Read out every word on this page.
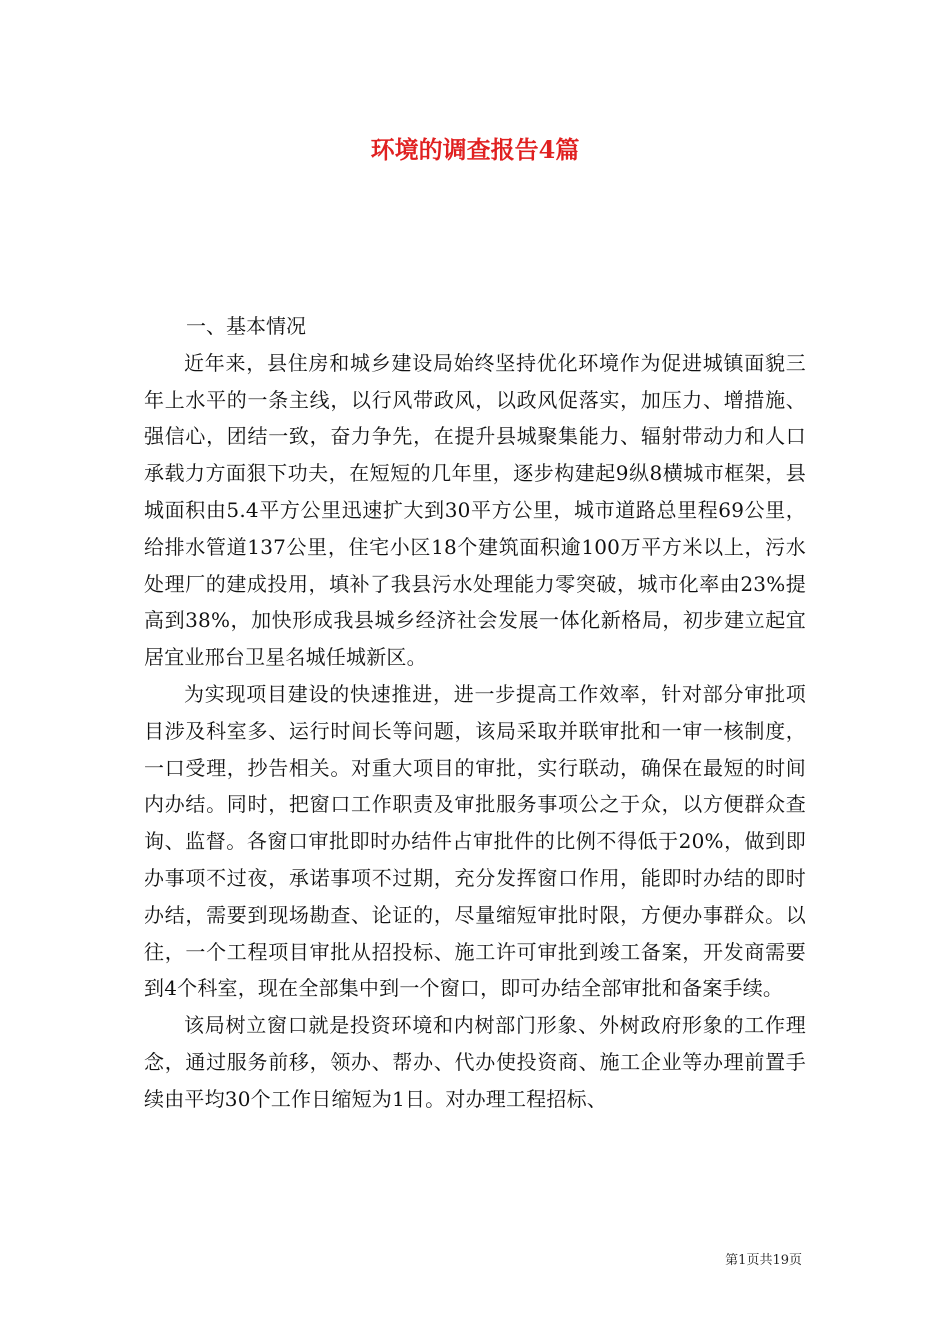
环境的调查报告4篇

一、基本情况

近年来，县住房和城乡建设局始终坚持优化环境作为促进城镇面貌三年上水平的一条主线，以行风带政风，以政风促落实，加压力、增措施、强信心，团结一致，奋力争先，在提升县城聚集能力、辐射带动力和人口承载力方面狠下功夫，在短短的几年里，逐步构建起9纵8横城市框架，县城面积由5.4平方公里迅速扩大到30平方公里，城市道路总里程69公里，给排水管道137公里，住宅小区18个建筑面积逾100万平方米以上，污水处理厂的建成投用，填补了我县污水处理能力零突破，城市化率由23%提高到38%，加快形成我县城乡经济社会发展一体化新格局，初步建立起宜居宜业邢台卫星名城任城新区。

为实现项目建设的快速推进，进一步提高工作效率，针对部分审批项目涉及科室多、运行时间长等问题，该局采取并联审批和一审一核制度，一口受理，抄告相关。对重大项目的审批，实行联动，确保在最短的时间内办结。同时，把窗口工作职责及审批服务事项公之于众，以方便群众查询、监督。各窗口审批即时办结件占审批件的比例不得低于20%，做到即办事项不过夜，承诺事项不过期，充分发挥窗口作用，能即时办结的即时办结，需要到现场勘查、论证的，尽量缩短审批时限，方便办事群众。以往，一个工程项目审批从招投标、施工许可审批到竣工备案，开发商需要到4个科室，现在全部集中到一个窗口，即可办结全部审批和备案手续。

该局树立窗口就是投资环境和内树部门形象、外树政府形象的工作理念，通过服务前移，领办、帮办、代办使投资商、施工企业等办理前置手续由平均30个工作日缩短为1日。对办理工程招标、

第1页共19页
